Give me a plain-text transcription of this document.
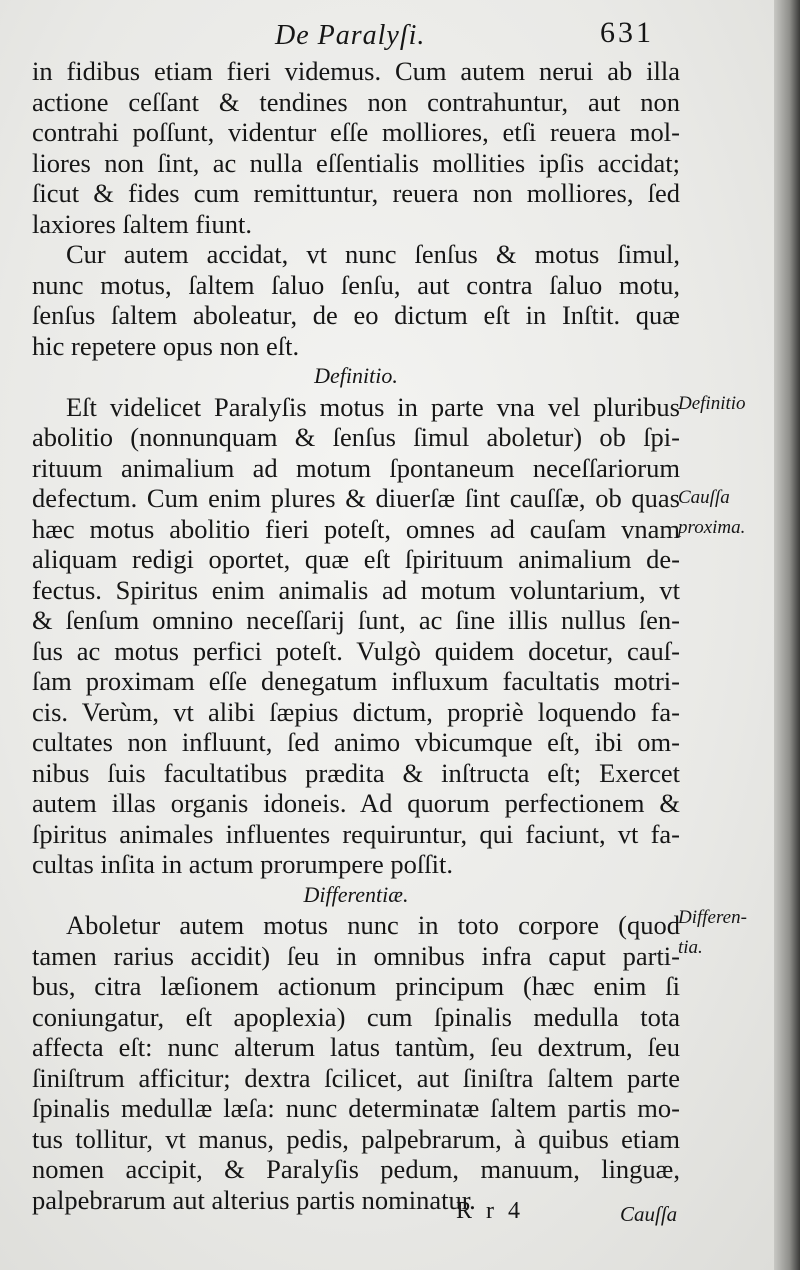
De Paralyſi.	631
in fidibus etiam fieri videmus. Cum autem nerui ab illa
actione ceſſant & tendines non contrahuntur, aut non
contrahi poſſunt, videntur eſſe molliores, etſi reuera mol-
liores non ſint, ac nulla eſſentialis mollities ipſis accidat;
ſicut & fides cum remittuntur, reuera non molliores, ſed
laxiores ſaltem fiunt.
Cur autem accidat, vt nunc ſenſus & motus ſimul,
nunc motus, ſaltem ſaluo ſenſu, aut contra ſaluo motu,
ſenſus ſaltem aboleatur, de eo dictum eſt in Inſtit. quæ
hic repetere opus non eſt.
Definitio.
Eſt videlicet Paralyſis motus in parte vna vel pluribus
abolitio (nonnunquam & ſenſus ſimul aboletur) ob ſpi-
rituum animalium ad motum ſpontaneum neceſſariorum
defectum. Cum enim plures & diuerſæ ſint cauſſæ, ob quas
hæc motus abolitio fieri poteſt, omnes ad cauſam vnam
aliquam redigi oportet, quæ eſt ſpirituum animalium de-
fectus. Spiritus enim animalis ad motum voluntarium, vt
& ſenſum omnino neceſſarij ſunt, ac ſine illis nullus ſen-
ſus ac motus perfici poteſt. Vulgò quidem docetur, cauſ-
ſam proximam eſſe denegatum influxum facultatis motri-
cis. Verùm, vt alibi ſæpius dictum, propriè loquendo fa-
cultates non influunt, ſed animo vbicumque eſt, ibi om-
nibus ſuis facultatibus prædita & inſtructa eſt; Exercet
autem illas organis idoneis. Ad quorum perfectionem &
ſpiritus animales influentes requiruntur, qui faciunt, vt fa-
cultas inſita in actum prorumpere poſſit.
Differentiæ.
Aboletur autem motus nunc in toto corpore (quod
tamen rarius accidit) ſeu in omnibus infra caput parti-
bus, citra læſionem actionum principum (hæc enim ſi
coniungatur, eſt apoplexia) cum ſpinalis medulla tota
affecta eſt: nunc alterum latus tantùm, ſeu dextrum, ſeu
ſiniſtrum afficitur; dextra ſcilicet, aut ſiniſtra ſaltem parte
ſpinalis medullæ læſa: nunc determinatæ ſaltem partis mo-
tus tollitur, vt manus, pedis, palpebrarum, à quibus etiam
nomen accipit, & Paralyſis pedum, manuum, linguæ,
palpebrarum aut alterius partis nominatur.
Definitio
Cauſſa
proxima.
Differen-
tia.
R r 4	Cauſſa
